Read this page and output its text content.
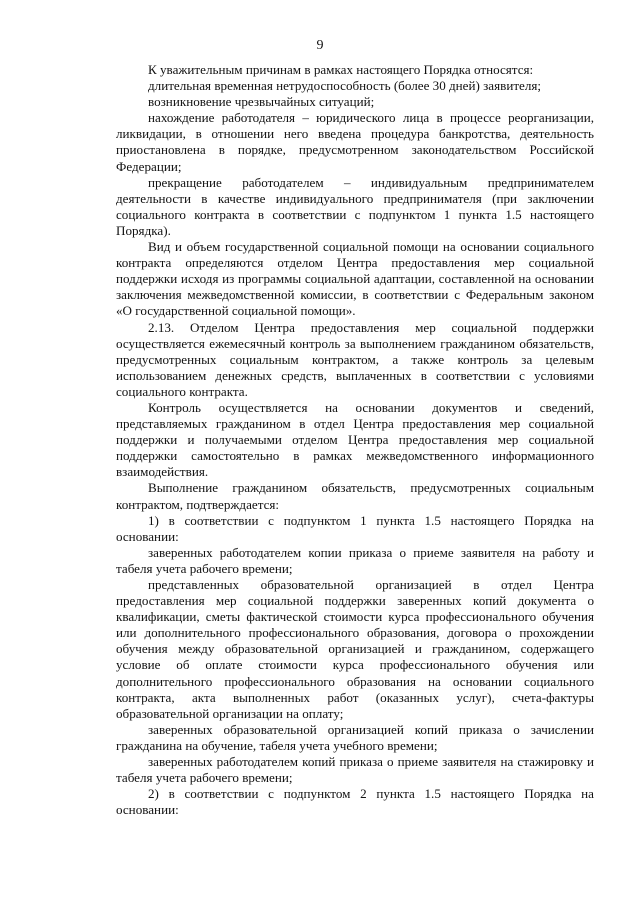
9

К уважительным причинам в рамках настоящего Порядка относятся:

длительная временная нетрудоспособность (более 30 дней) заявителя;

возникновение чрезвычайных ситуаций;

нахождение работодателя – юридического лица в процессе реорганизации, ликвидации, в отношении него введена процедура банкротства, деятельность приостановлена в порядке, предусмотренном законодательством Российской Федерации;

прекращение работодателем – индивидуальным предпринимателем деятельности в качестве индивидуального предпринимателя (при заключении социального контракта в соответствии с подпунктом 1 пункта 1.5 настоящего Порядка).

Вид и объем государственной социальной помощи на основании социального контракта определяются отделом Центра предоставления мер социальной поддержки исходя из программы социальной адаптации, составленной на основании заключения межведомственной комиссии, в соответствии с Федеральным законом «О государственной социальной помощи».

2.13. Отделом Центра предоставления мер социальной поддержки осуществляется ежемесячный контроль за выполнением гражданином обязательств, предусмотренных социальным контрактом, а также контроль за целевым использованием денежных средств, выплаченных в соответствии с условиями социального контракта.

Контроль осуществляется на основании документов и сведений, представляемых гражданином в отдел Центра предоставления мер социальной поддержки и получаемыми отделом Центра предоставления мер социальной поддержки самостоятельно в рамках межведомственного информационного взаимодействия.

Выполнение гражданином обязательств, предусмотренных социальным контрактом, подтверждается:

1) в соответствии с подпунктом 1 пункта 1.5 настоящего Порядка на основании:

заверенных работодателем копии приказа о приеме заявителя на работу и табеля учета рабочего времени;

представленных образовательной организацией в отдел Центра предоставления мер социальной поддержки заверенных копий документа о квалификации, сметы фактической стоимости курса профессионального обучения или дополнительного профессионального образования, договора о прохождении обучения между образовательной организацией и гражданином, содержащего условие об оплате стоимости курса профессионального обучения или дополнительного профессионального образования на основании социального контракта, акта выполненных работ (оказанных услуг), счета-фактуры образовательной организации на оплату;

заверенных образовательной организацией копий приказа о зачислении гражданина на обучение, табеля учета учебного времени;

заверенных работодателем копий приказа о приеме заявителя на стажировку и табеля учета рабочего времени;

2) в соответствии с подпунктом 2 пункта 1.5 настоящего Порядка на основании:
